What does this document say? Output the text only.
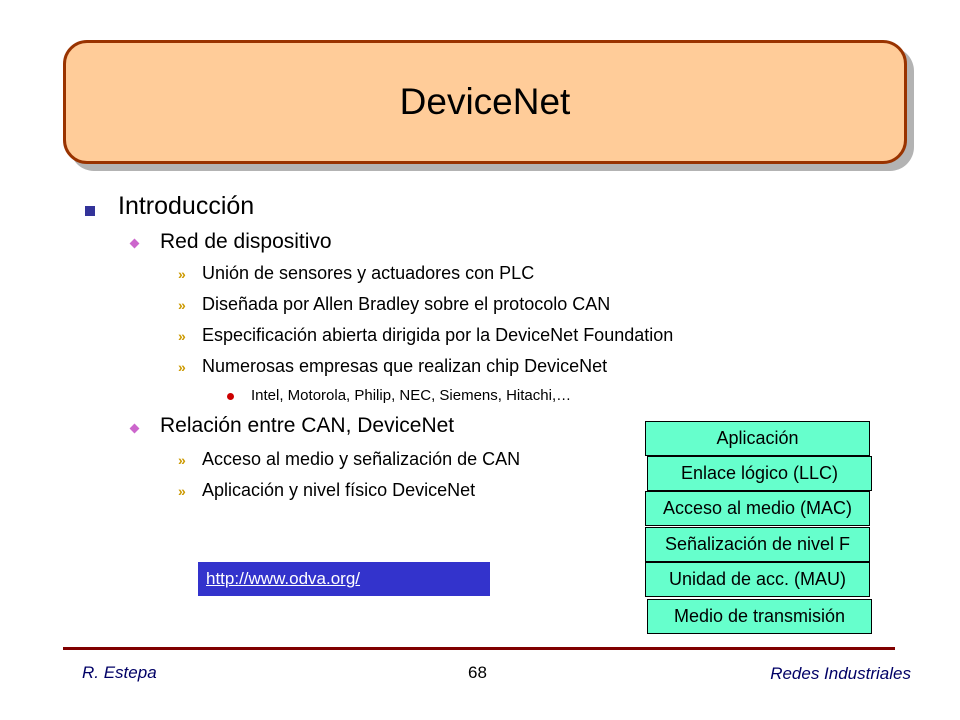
DeviceNet
Introducción
Red de dispositivo
» Unión de sensores y actuadores con PLC
» Diseñada por Allen Bradley sobre el protocolo CAN
» Especificación abierta dirigida por la DeviceNet Foundation
» Numerosas empresas que realizan chip DeviceNet
Intel, Motorola, Philip, NEC, Siemens, Hitachi,…
Relación entre CAN, DeviceNet
» Acceso al medio y señalización de CAN
» Aplicación y nivel físico DeviceNet
http://www.odva.org/
Aplicación
Enlace lógico (LLC)
Acceso al medio (MAC)
Señalización de nivel F
Unidad de acc. (MAU)
Medio de transmisión
R. Estepa	68	Redes Industriales
